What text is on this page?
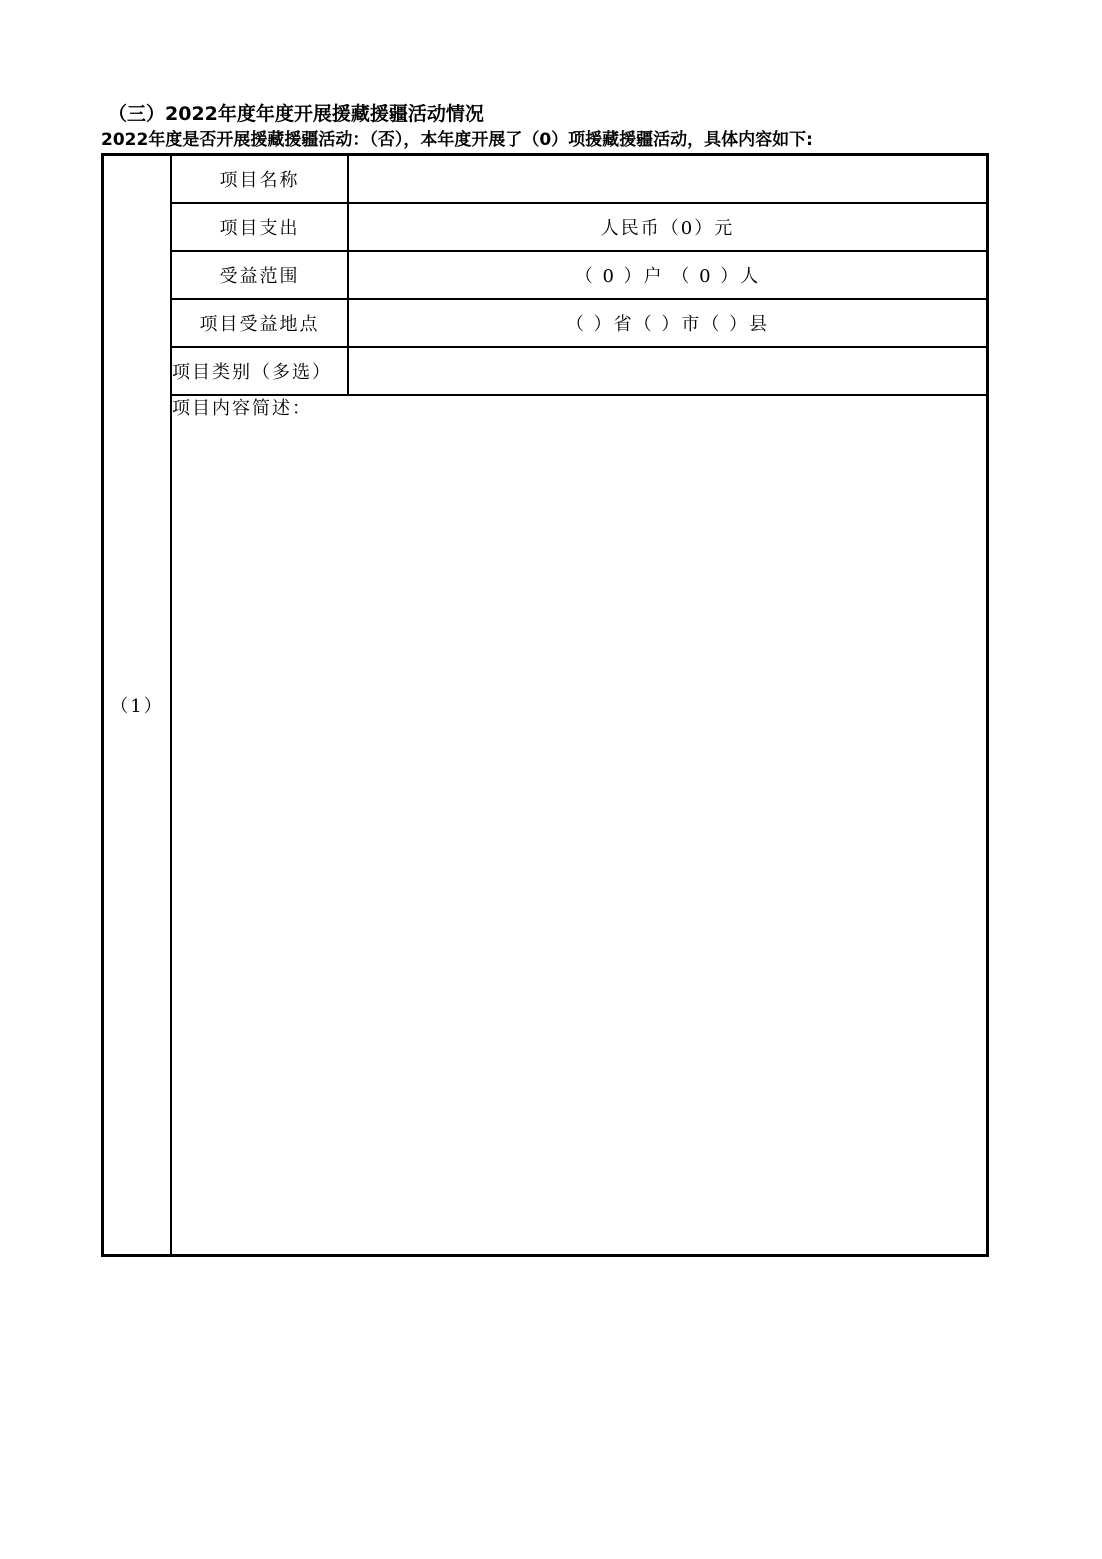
（三）2022年度年度开展援藏援疆活动情况
2022年度是否开展援藏援疆活动：（否），本年度开展了（0）项援藏援疆活动，具体内容如下:
（1）	项目名称	
	项目支出	人民币（0）元
	受益范围	（ 0 ）户 （ 0 ）人
	项目受益地点	（ ）省（ ）市（ ）县
	项目类别（多选）	
	项目内容简述：	
